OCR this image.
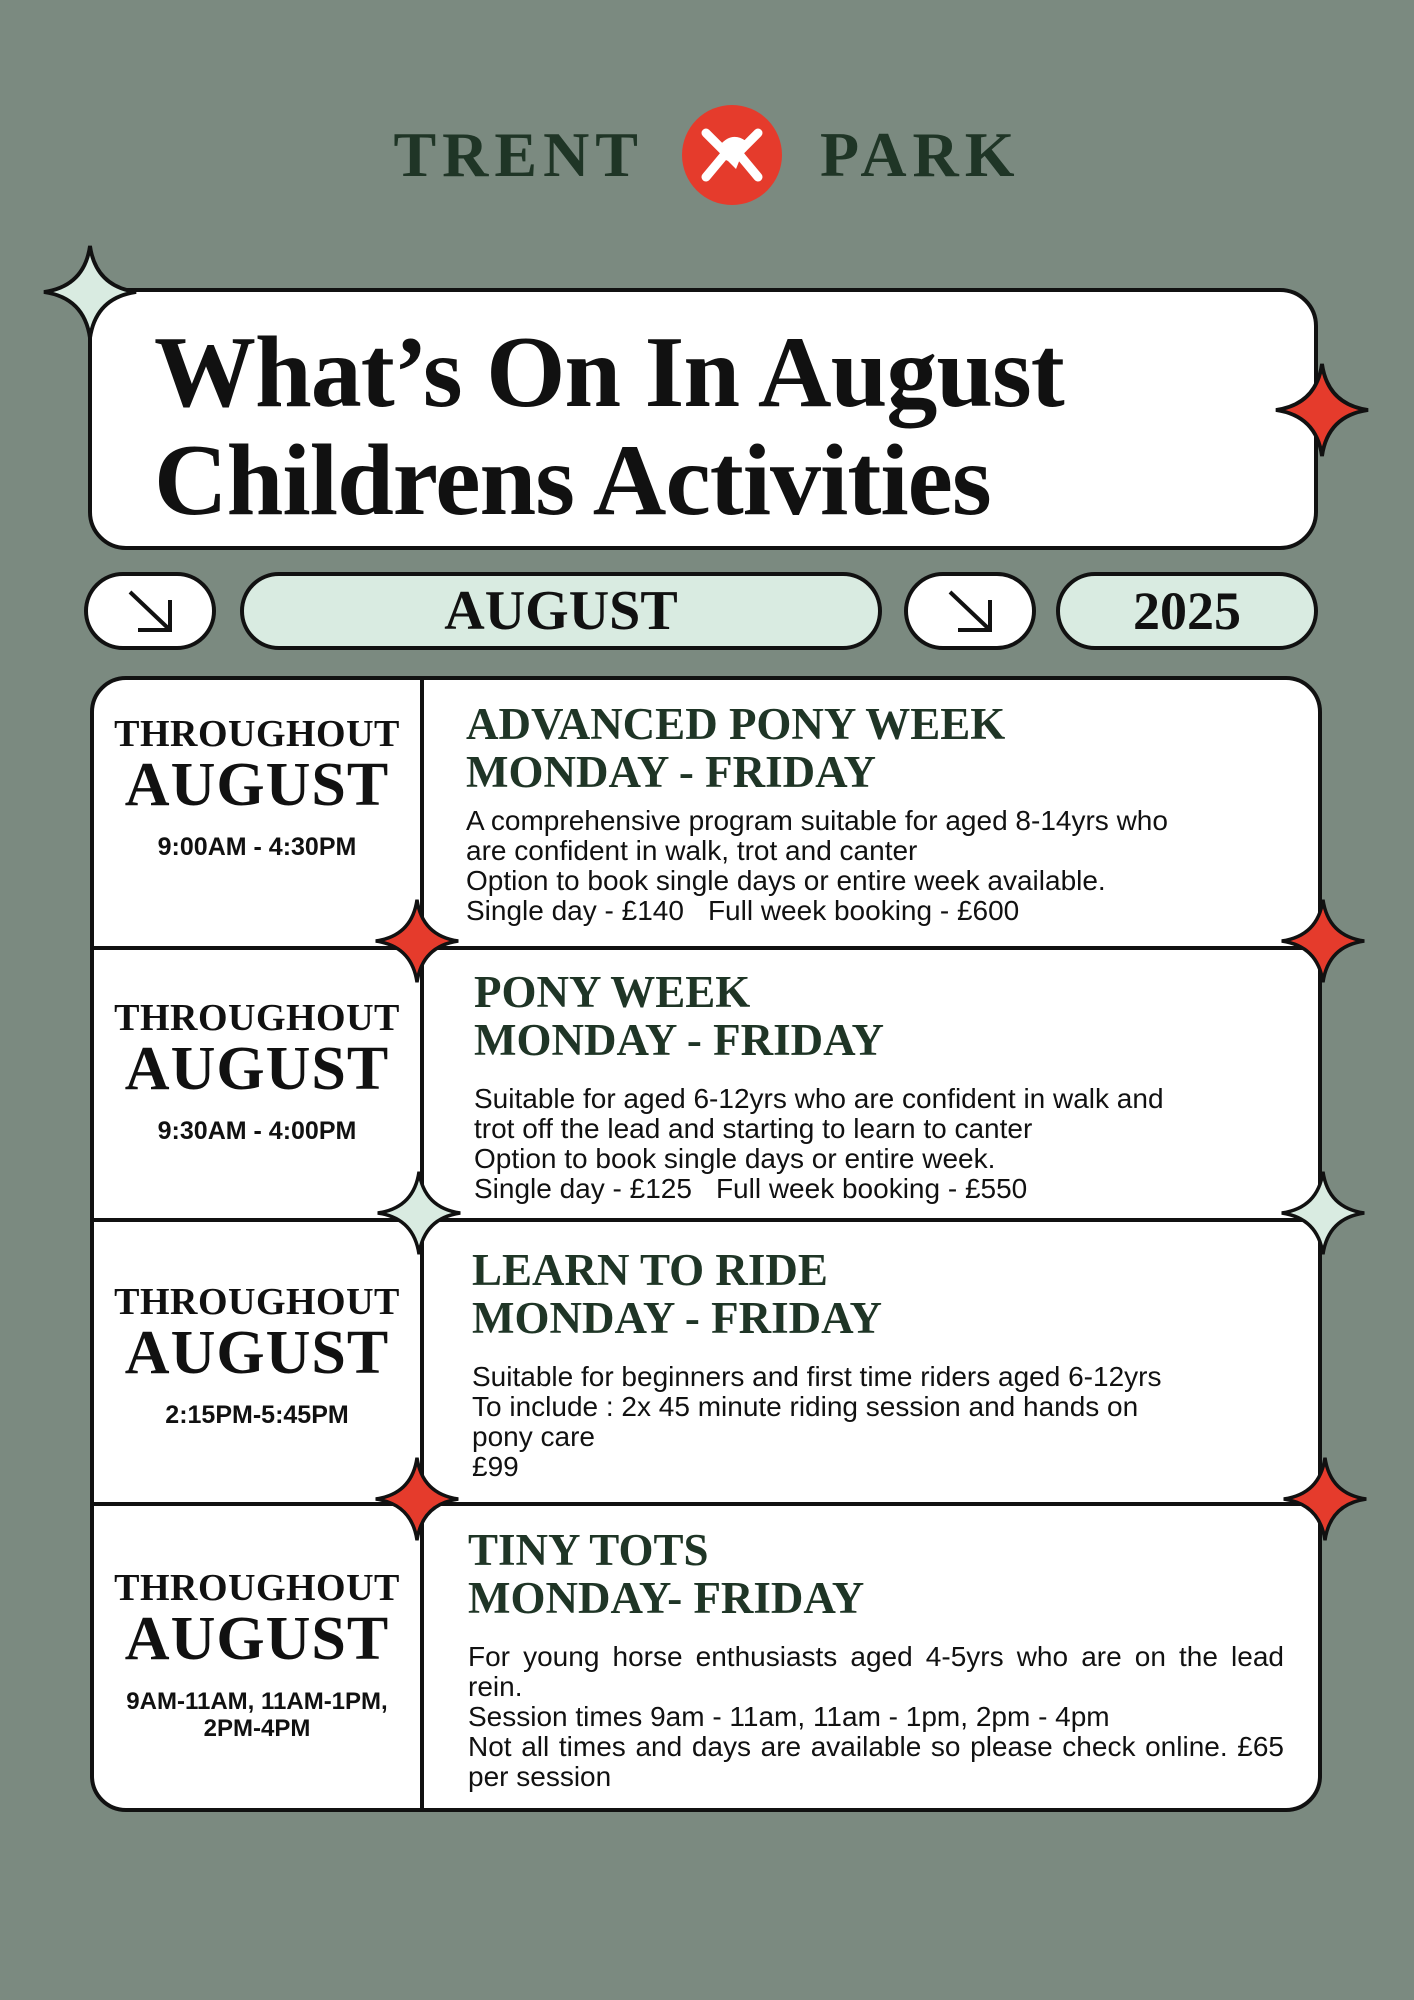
TRENT	PARK
What’s On In August
Childrens Activities
AUGUST	2025
THROUGHOUT
AUGUST
9:00AM - 4:30PM
ADVANCED PONY WEEK
MONDAY - FRIDAY
A comprehensive program suitable for aged 8-14yrs who
are confident in walk, trot and canter
Option to book single days or entire week available.
Single day - £140 Full week booking - £600
THROUGHOUT
AUGUST
9:30AM - 4:00PM
PONY WEEK
MONDAY - FRIDAY
Suitable for aged 6-12yrs who are confident in walk and
trot off the lead and starting to learn to canter
Option to book single days or entire week.
Single day - £125 Full week booking - £550
THROUGHOUT
AUGUST
2:15PM-5:45PM
LEARN TO RIDE
MONDAY - FRIDAY
Suitable for beginners and first time riders aged 6-12yrs
To include : 2x 45 minute riding session and hands on
pony care
£99
THROUGHOUT
AUGUST
9AM-11AM, 11AM-1PM,
2PM-4PM
TINY TOTS
MONDAY- FRIDAY
For young horse enthusiasts aged 4-5yrs who are on the lead rein.
Session times 9am - 11am, 11am - 1pm, 2pm - 4pm
Not all times and days are available so please check online. £65 per session
